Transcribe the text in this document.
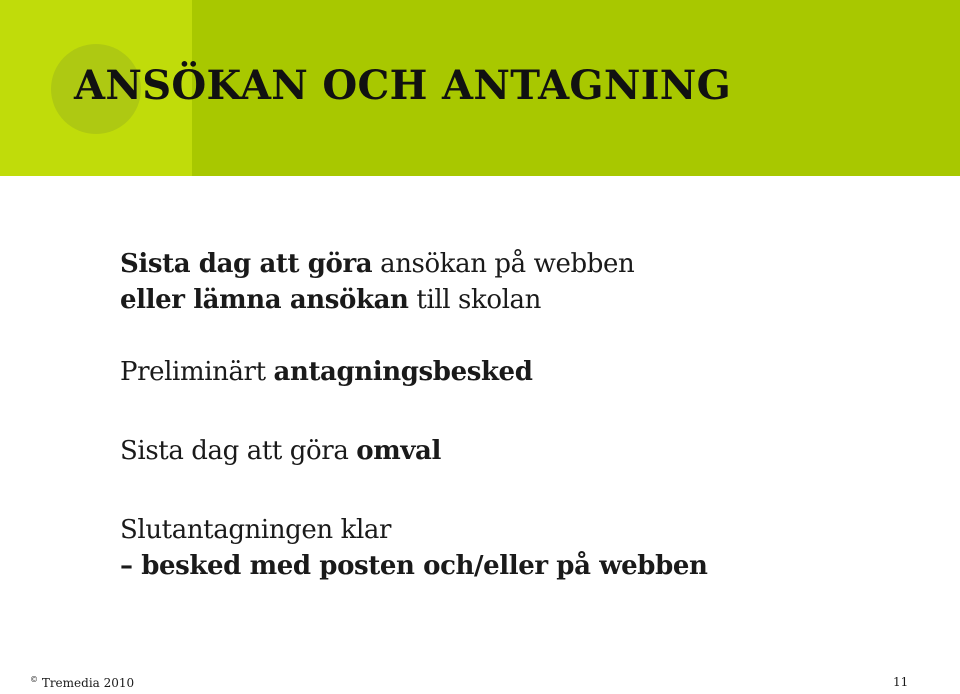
ANSÖKAN OCH ANTAGNING
Sista dag att göra ansökan på webben
eller lämna ansökan till skolan
Preliminärt antagningsbesked
Sista dag att göra omval
Slutantagningen klar
– besked med posten och/eller på webben
© Tremedia 2010	11
